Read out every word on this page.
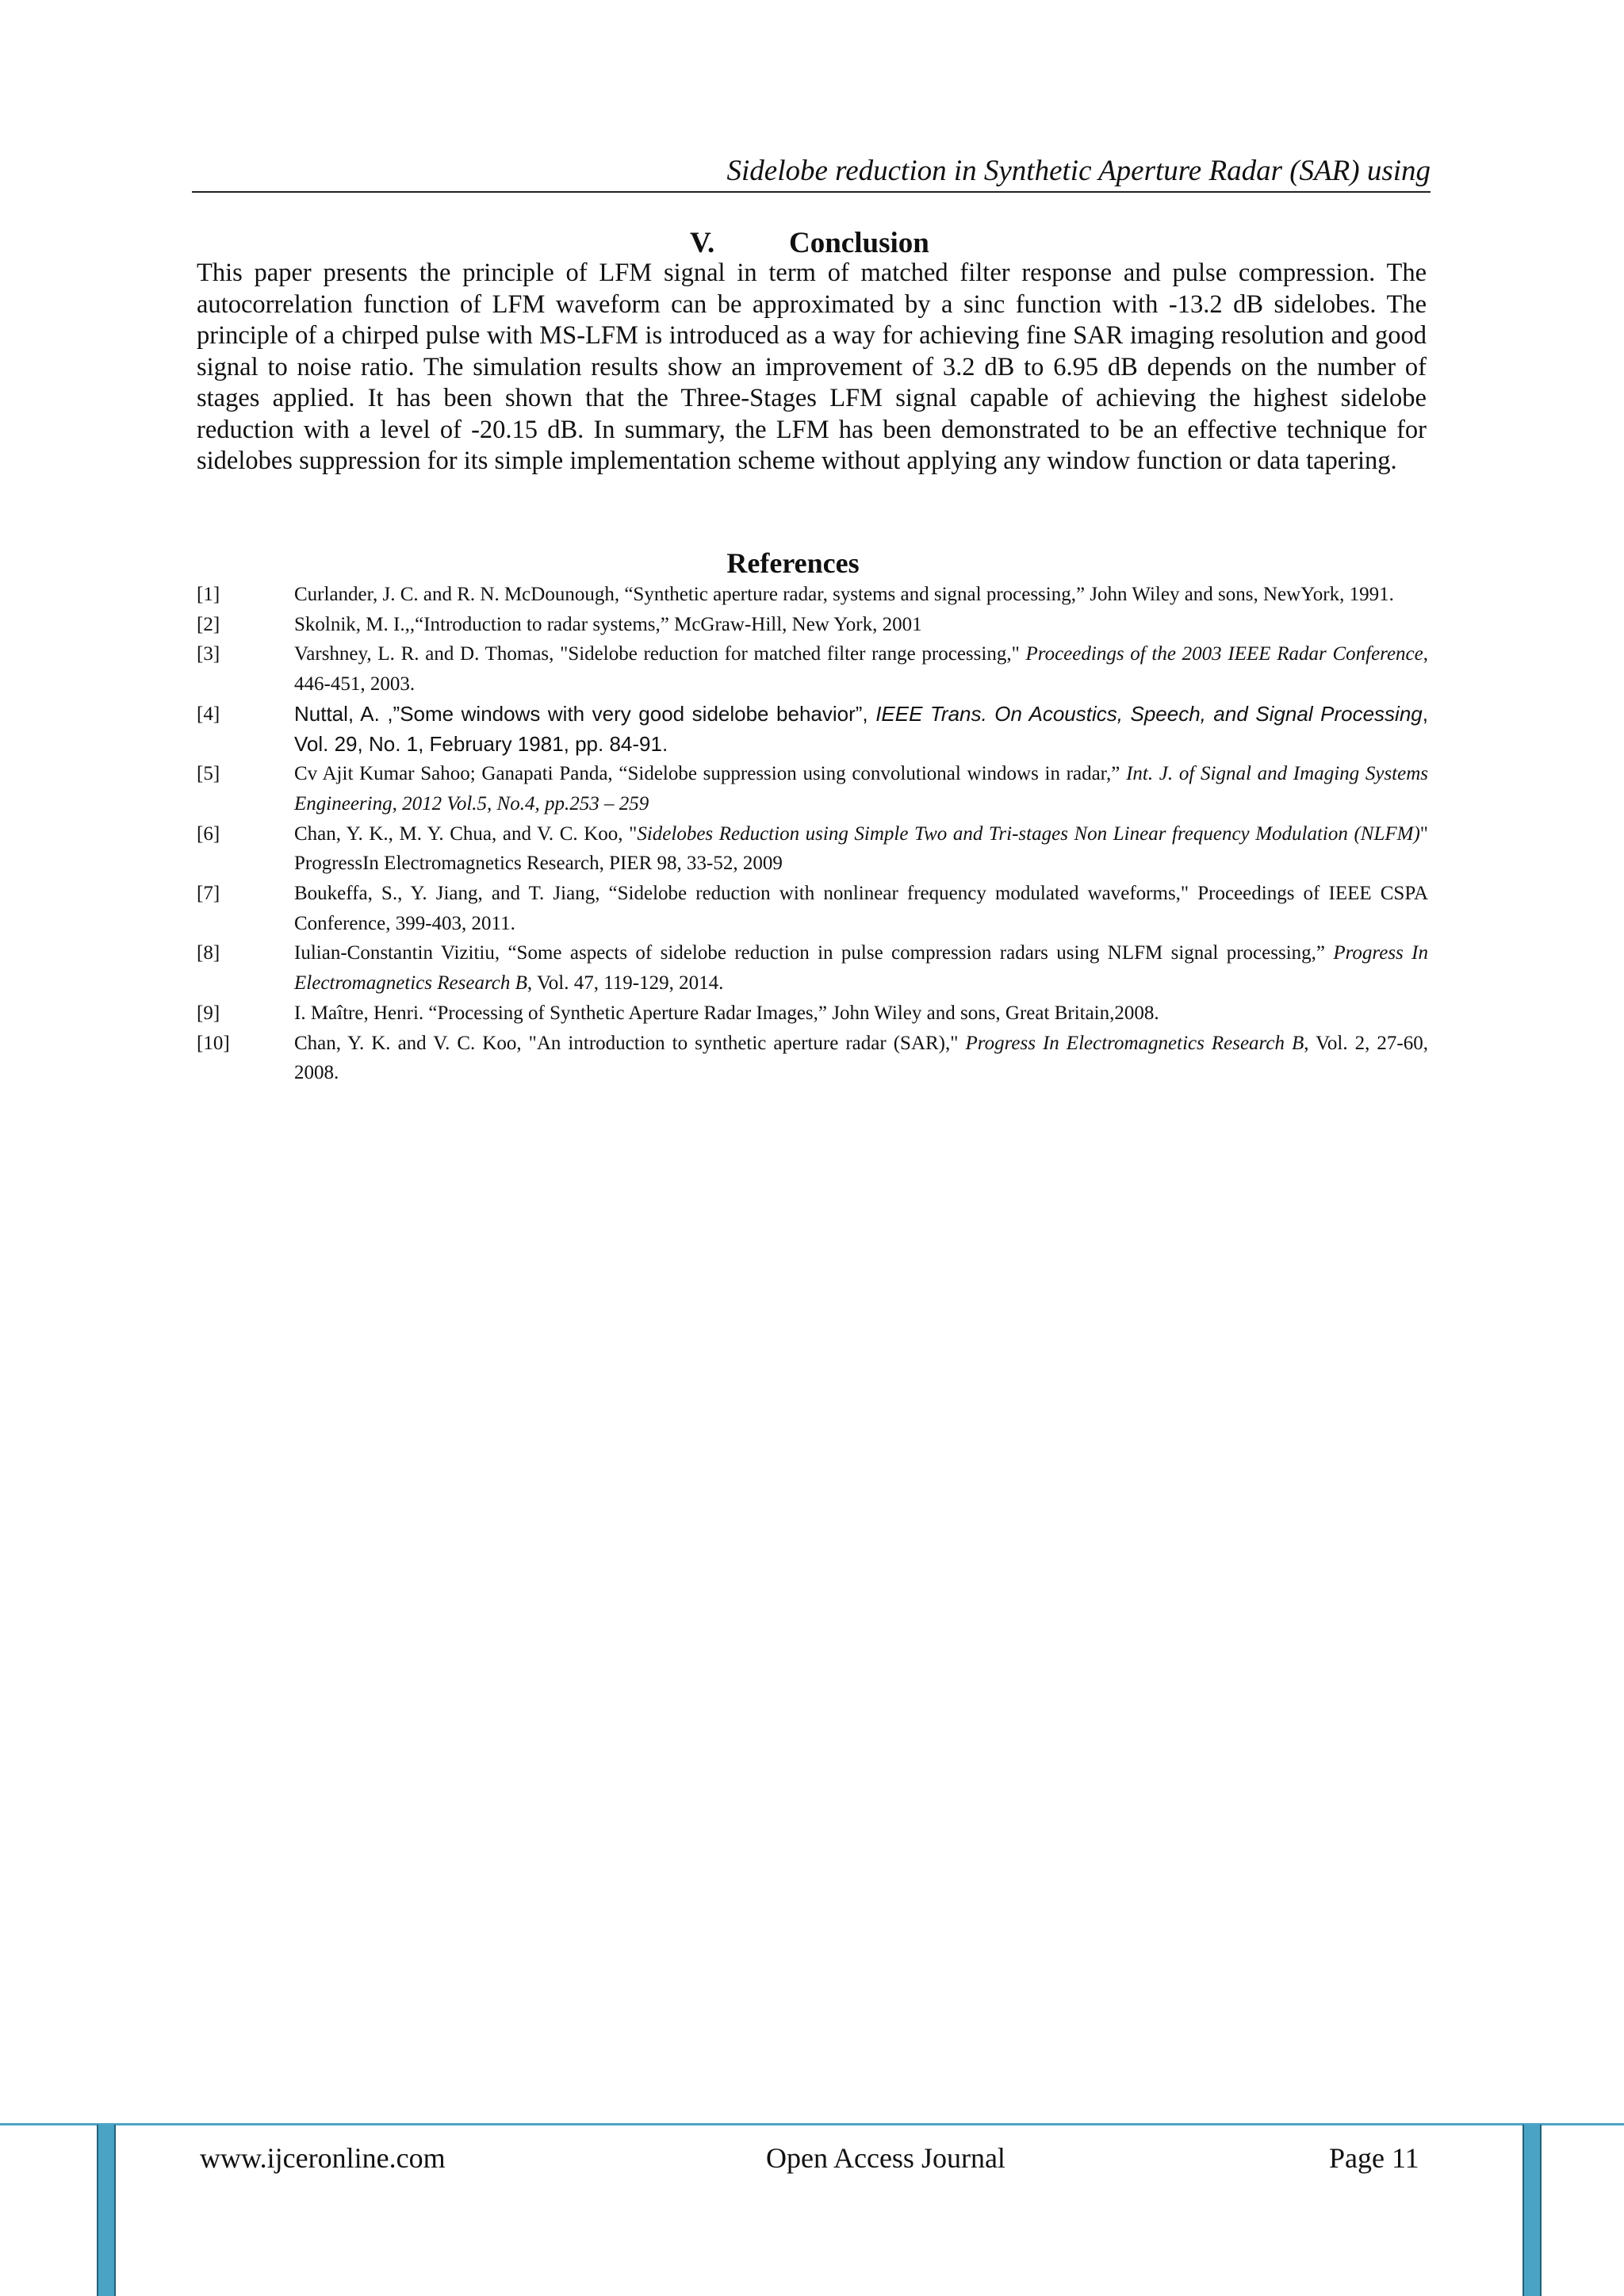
Sidelobe reduction in Synthetic Aperture Radar (SAR) using
V.	Conclusion

This paper presents the principle of LFM signal in term of matched filter response and pulse compression. The autocorrelation function of LFM waveform can be approximated by a sinc function with -13.2 dB sidelobes. The principle of a chirped pulse with MS-LFM is introduced as a way for achieving fine SAR imaging resolution and good signal to noise ratio. The simulation results show an improvement of 3.2 dB to 6.95 dB depends on the number of stages applied. It has been shown that the Three-Stages LFM signal capable of achieving the highest sidelobe reduction with a level of -20.15 dB. In summary, the LFM has been demonstrated to be an effective technique for sidelobes suppression for its simple implementation scheme without applying any window function or data tapering.

References
[1]	Curlander, J. C. and R. N. McDounough, “Synthetic aperture radar, systems and signal processing,” John Wiley and sons, NewYork, 1991.
[2]	Skolnik, M. I.,,“Introduction to radar systems,” McGraw-Hill, New York, 2001
[3]	Varshney, L. R. and D. Thomas, "Sidelobe reduction for matched filter range processing," Proceedings of the 2003 IEEE Radar Conference, 446-451, 2003.
[4]	Nuttal, A. ,”Some windows with very good sidelobe behavior”, IEEE Trans. On Acoustics, Speech, and Signal Processing, Vol. 29, No. 1, February 1981, pp. 84-91.
[5]	Cv Ajit Kumar Sahoo; Ganapati Panda, “Sidelobe suppression using convolutional windows in radar,” Int. J. of Signal and Imaging Systems Engineering, 2012 Vol.5, No.4, pp.253 – 259
[6]	Chan, Y. K., M. Y. Chua, and V. C. Koo, "Sidelobes Reduction using Simple Two and Tri-stages Non Linear frequency Modulation (NLFM)" ProgressIn Electromagnetics Research, PIER 98, 33-52, 2009
[7]	Boukeffa, S., Y. Jiang, and T. Jiang, “Sidelobe reduction with nonlinear frequency modulated waveforms," Proceedings of IEEE CSPA Conference, 399-403, 2011.
[8]	Iulian-Constantin Vizitiu, “Some aspects of sidelobe reduction in pulse compression radars using NLFM signal processing,” Progress In Electromagnetics Research B, Vol. 47, 119-129, 2014.
[9]	I. Maître, Henri. “Processing of Synthetic Aperture Radar Images,” John Wiley and sons, Great Britain,2008.
[10]	Chan, Y. K. and V. C. Koo, "An introduction to synthetic aperture radar (SAR)," Progress In Electromagnetics Research B, Vol. 2, 27-60, 2008.
www.ijceronline.com	Open Access Journal	Page 11
